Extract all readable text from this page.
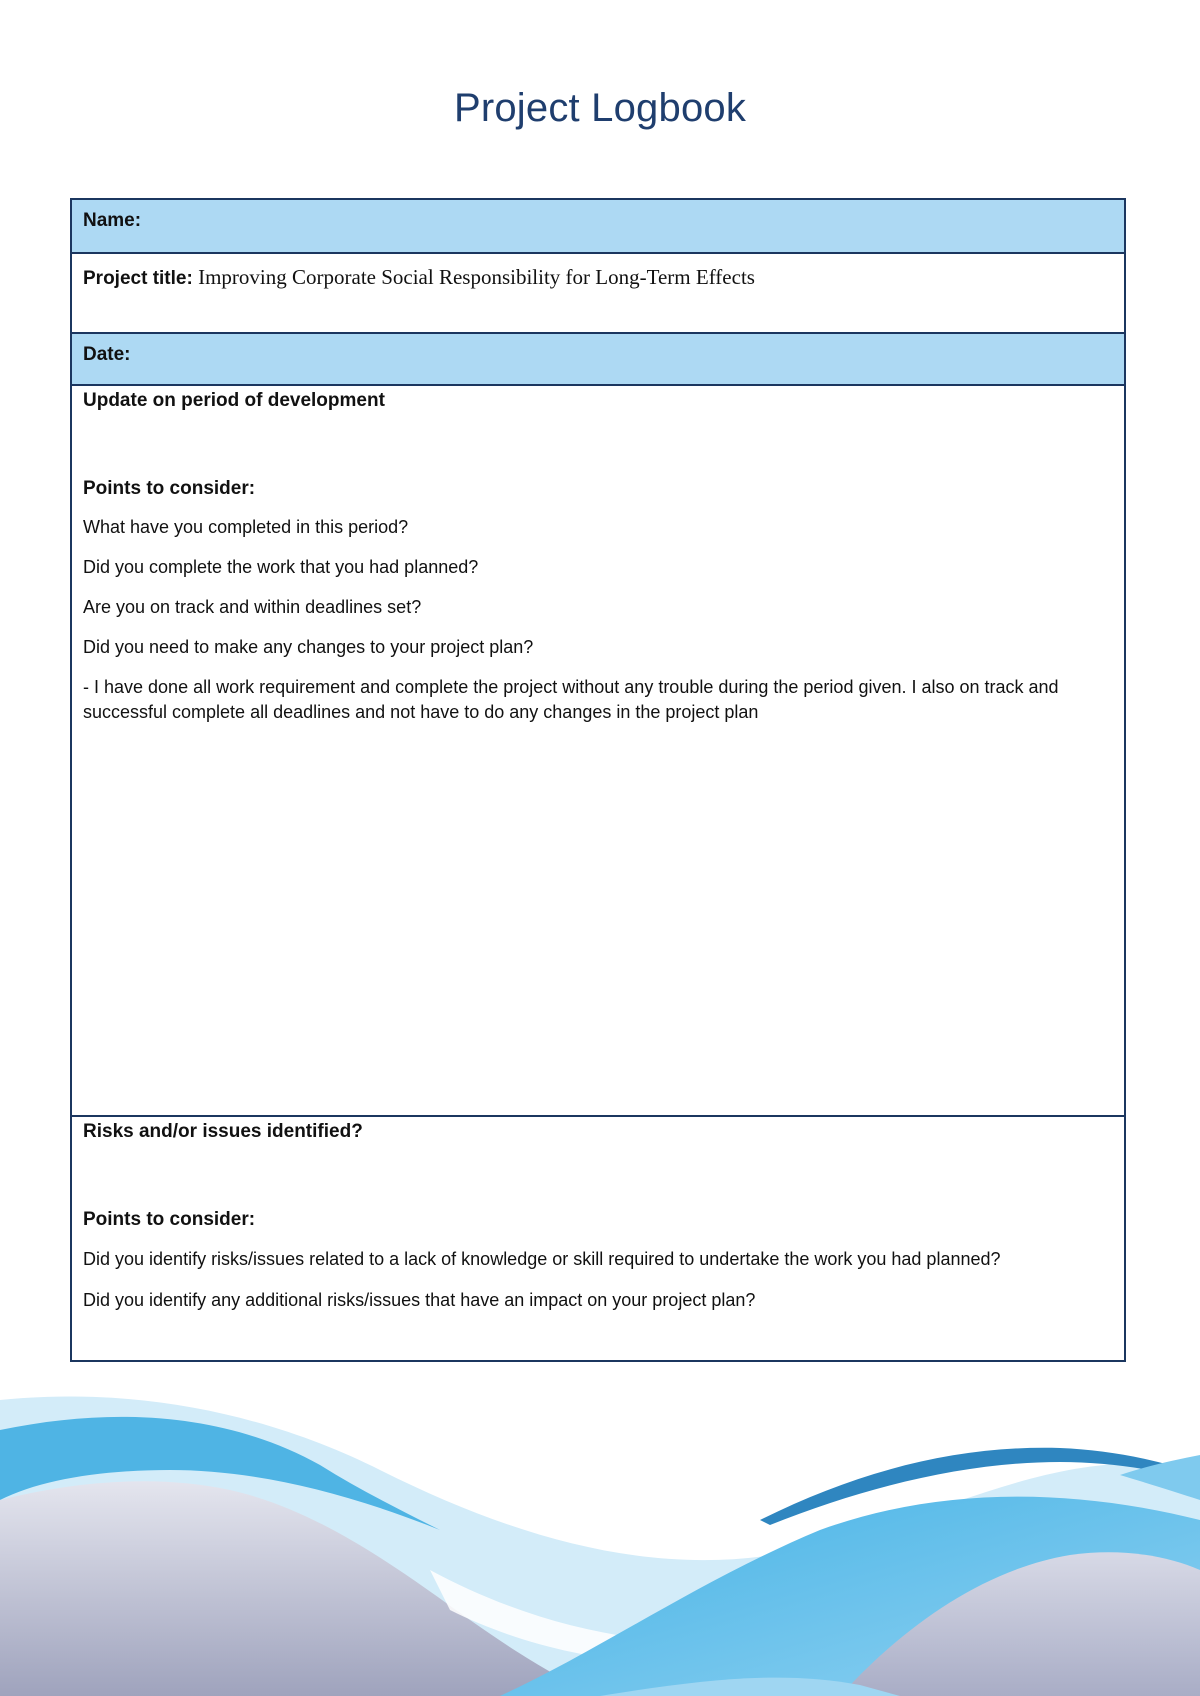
Project Logbook
Name:
Project title: Improving Corporate Social Responsibility for Long-Term Effects
Date:

Update on period of development

Points to consider:

What have you completed in this period?

Did you complete the work that you had planned?

Are you on track and within deadlines set?

Did you need to make any changes to your project plan?

- I have done all work requirement and complete the project without any trouble during the period given. I also on track and successful complete all deadlines and not have to do any changes in the project plan

Risks and/or issues identified?

Points to consider:

Did you identify risks/issues related to a lack of knowledge or skill required to undertake the work you had planned?

Did you identify any additional risks/issues that have an impact on your project plan?
